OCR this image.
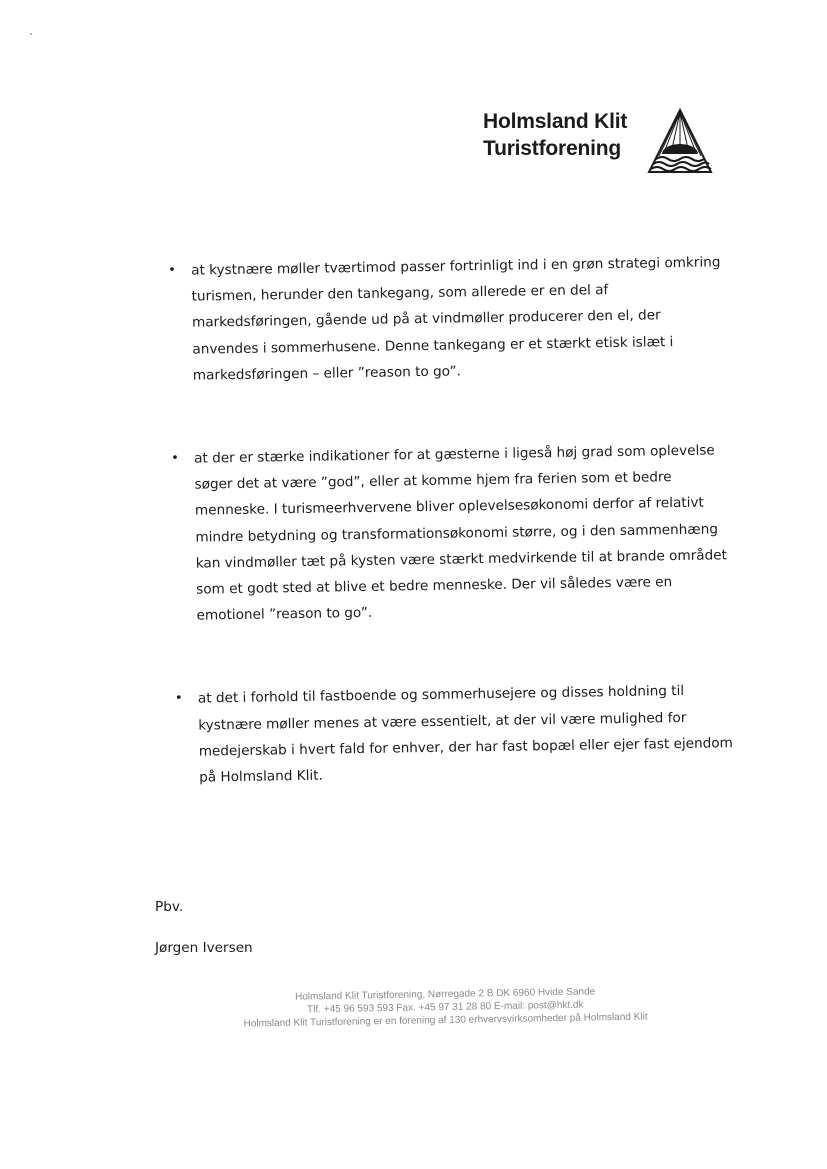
Holmsland Klit
Turistforening
• at kystnære møller tværtimod passer fortrinligt ind i en grøn strategi omkring turismen, herunder den tankegang, som allerede er en del af markedsføringen, gående ud på at vindmøller producerer den el, der anvendes i sommerhusene. Denne tankegang er et stærkt etisk islæt i markedsføringen – eller ”reason to go”.
• at der er stærke indikationer for at gæsterne i ligeså høj grad som oplevelse søger det at være ”god”, eller at komme hjem fra ferien som et bedre menneske. I turismeerhvervene bliver oplevelsesøkonomi derfor af relativt mindre betydning og transformationsøkonomi større, og i den sammenhæng kan vindmøller tæt på kysten være stærkt medvirkende til at brande området som et godt sted at blive et bedre menneske. Der vil således være en emotionel ”reason to go”.
• at det i forhold til fastboende og sommerhusejere og disses holdning til kystnære møller menes at være essentielt, at der vil være mulighed for medejerskab i hvert fald for enhver, der har fast bopæl eller ejer fast ejendom på Holmsland Klit.
Pbv.
Jørgen Iversen
Holmsland Klit Turistforening, Nørregade 2 B DK 6960 Hvide Sande
Tlf. +45 96 593 593 Fax. +45 97 31 28 80 E-mail: post@hkt.dk
Holmsland Klit Turistforening er en forening af 130 erhvervsvirksomheder på Holmsland Klit
